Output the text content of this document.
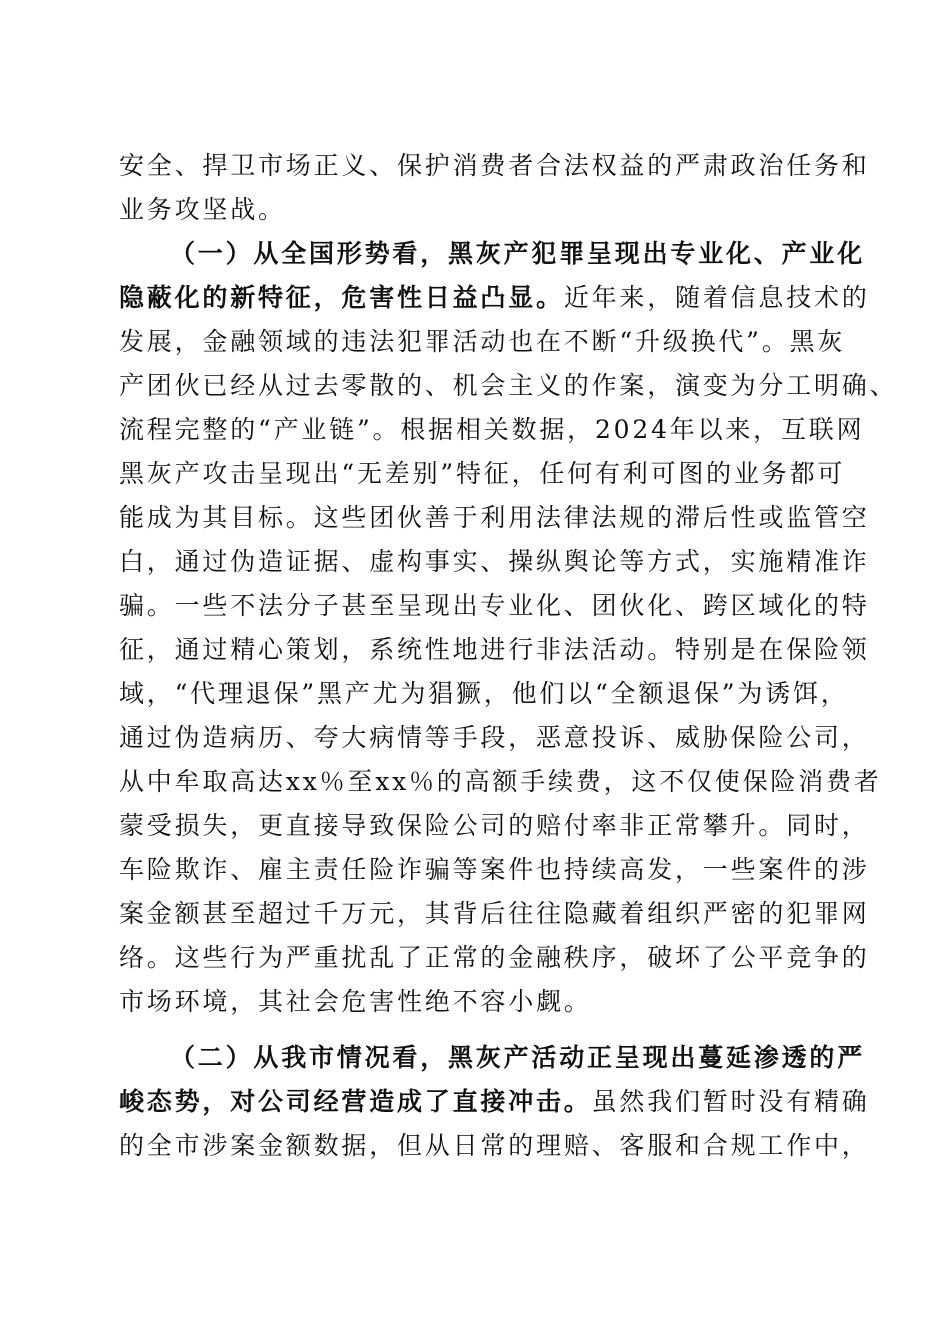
安全、捍卫市场正义、保护消费者合法权益的严肃政治任务和
业务攻坚战。
（一）从全国形势看，黑灰产犯罪呈现出专业化、产业化
隐蔽化的新特征，危害性日益凸显。近年来，随着信息技术的
发展，金融领域的违法犯罪活动也在不断“升级换代”。黑灰
产团伙已经从过去零散的、机会主义的作案，演变为分工明确、
流程完整的“产业链”。根据相关数据，2024年以来，互联网
黑灰产攻击呈现出“无差别”特征，任何有利可图的业务都可
能成为其目标。这些团伙善于利用法律法规的滞后性或监管空
白，通过伪造证据、虚构事实、操纵舆论等方式，实施精准诈
骗。一些不法分子甚至呈现出专业化、团伙化、跨区域化的特
征，通过精心策划，系统性地进行非法活动。特别是在保险领
域，“代理退保”黑产尤为猖獗，他们以“全额退保”为诱饵，
通过伪造病历、夸大病情等手段，恶意投诉、威胁保险公司，
从中牟取高达xx％至xx％的高额手续费，这不仅使保险消费者
蒙受损失，更直接导致保险公司的赔付率非正常攀升。同时，
车险欺诈、雇主责任险诈骗等案件也持续高发，一些案件的涉
案金额甚至超过千万元，其背后往往隐藏着组织严密的犯罪网
络。这些行为严重扰乱了正常的金融秩序，破坏了公平竞争的
市场环境，其社会危害性绝不容小觑。
（二）从我市情况看，黑灰产活动正呈现出蔓延渗透的严
峻态势，对公司经营造成了直接冲击。虽然我们暂时没有精确
的全市涉案金额数据，但从日常的理赔、客服和合规工作中，
